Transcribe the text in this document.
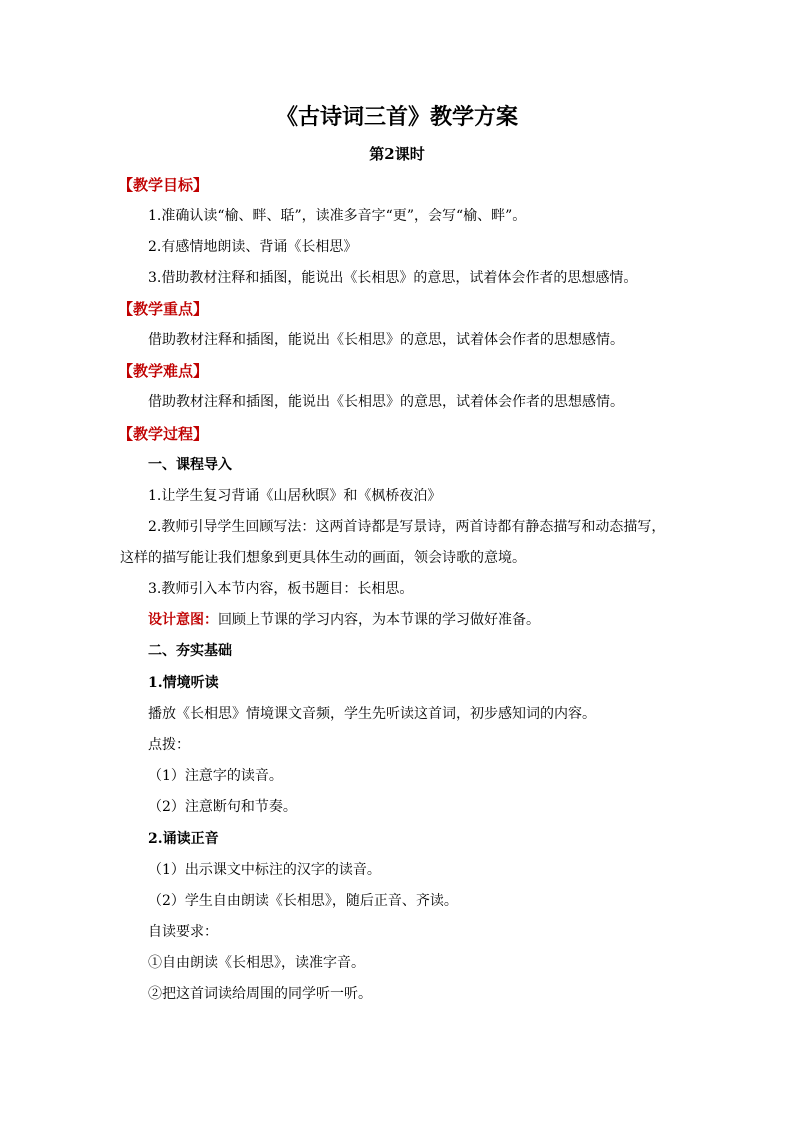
《古诗词三首》教学方案
第2课时
【教学目标】
1.准确认读“榆、畔、聒”，读准多音字“更”，会写“榆、畔”。
2.有感情地朗读、背诵《长相思》
3.借助教材注释和插图，能说出《长相思》的意思，试着体会作者的思想感情。
【教学重点】
借助教材注释和插图，能说出《长相思》的意思，试着体会作者的思想感情。
【教学难点】
借助教材注释和插图，能说出《长相思》的意思，试着体会作者的思想感情。
【教学过程】
一、课程导入
1.让学生复习背诵《山居秋暝》和《枫桥夜泊》
2.教师引导学生回顾写法：这两首诗都是写景诗，两首诗都有静态描写和动态描写，
这样的描写能让我们想象到更具体生动的画面，领会诗歌的意境。
3.教师引入本节内容，板书题目：长相思。
设计意图：回顾上节课的学习内容，为本节课的学习做好准备。
二、夯实基础
1.情境听读
播放《长相思》情境课文音频，学生先听读这首词，初步感知词的内容。
点拨：
（1）注意字的读音。
（2）注意断句和节奏。
2.诵读正音
（1）出示课文中标注的汉字的读音。
（2）学生自由朗读《长相思》，随后正音、齐读。
自读要求：
①自由朗读《长相思》，读准字音。
②把这首词读给周围的同学听一听。
